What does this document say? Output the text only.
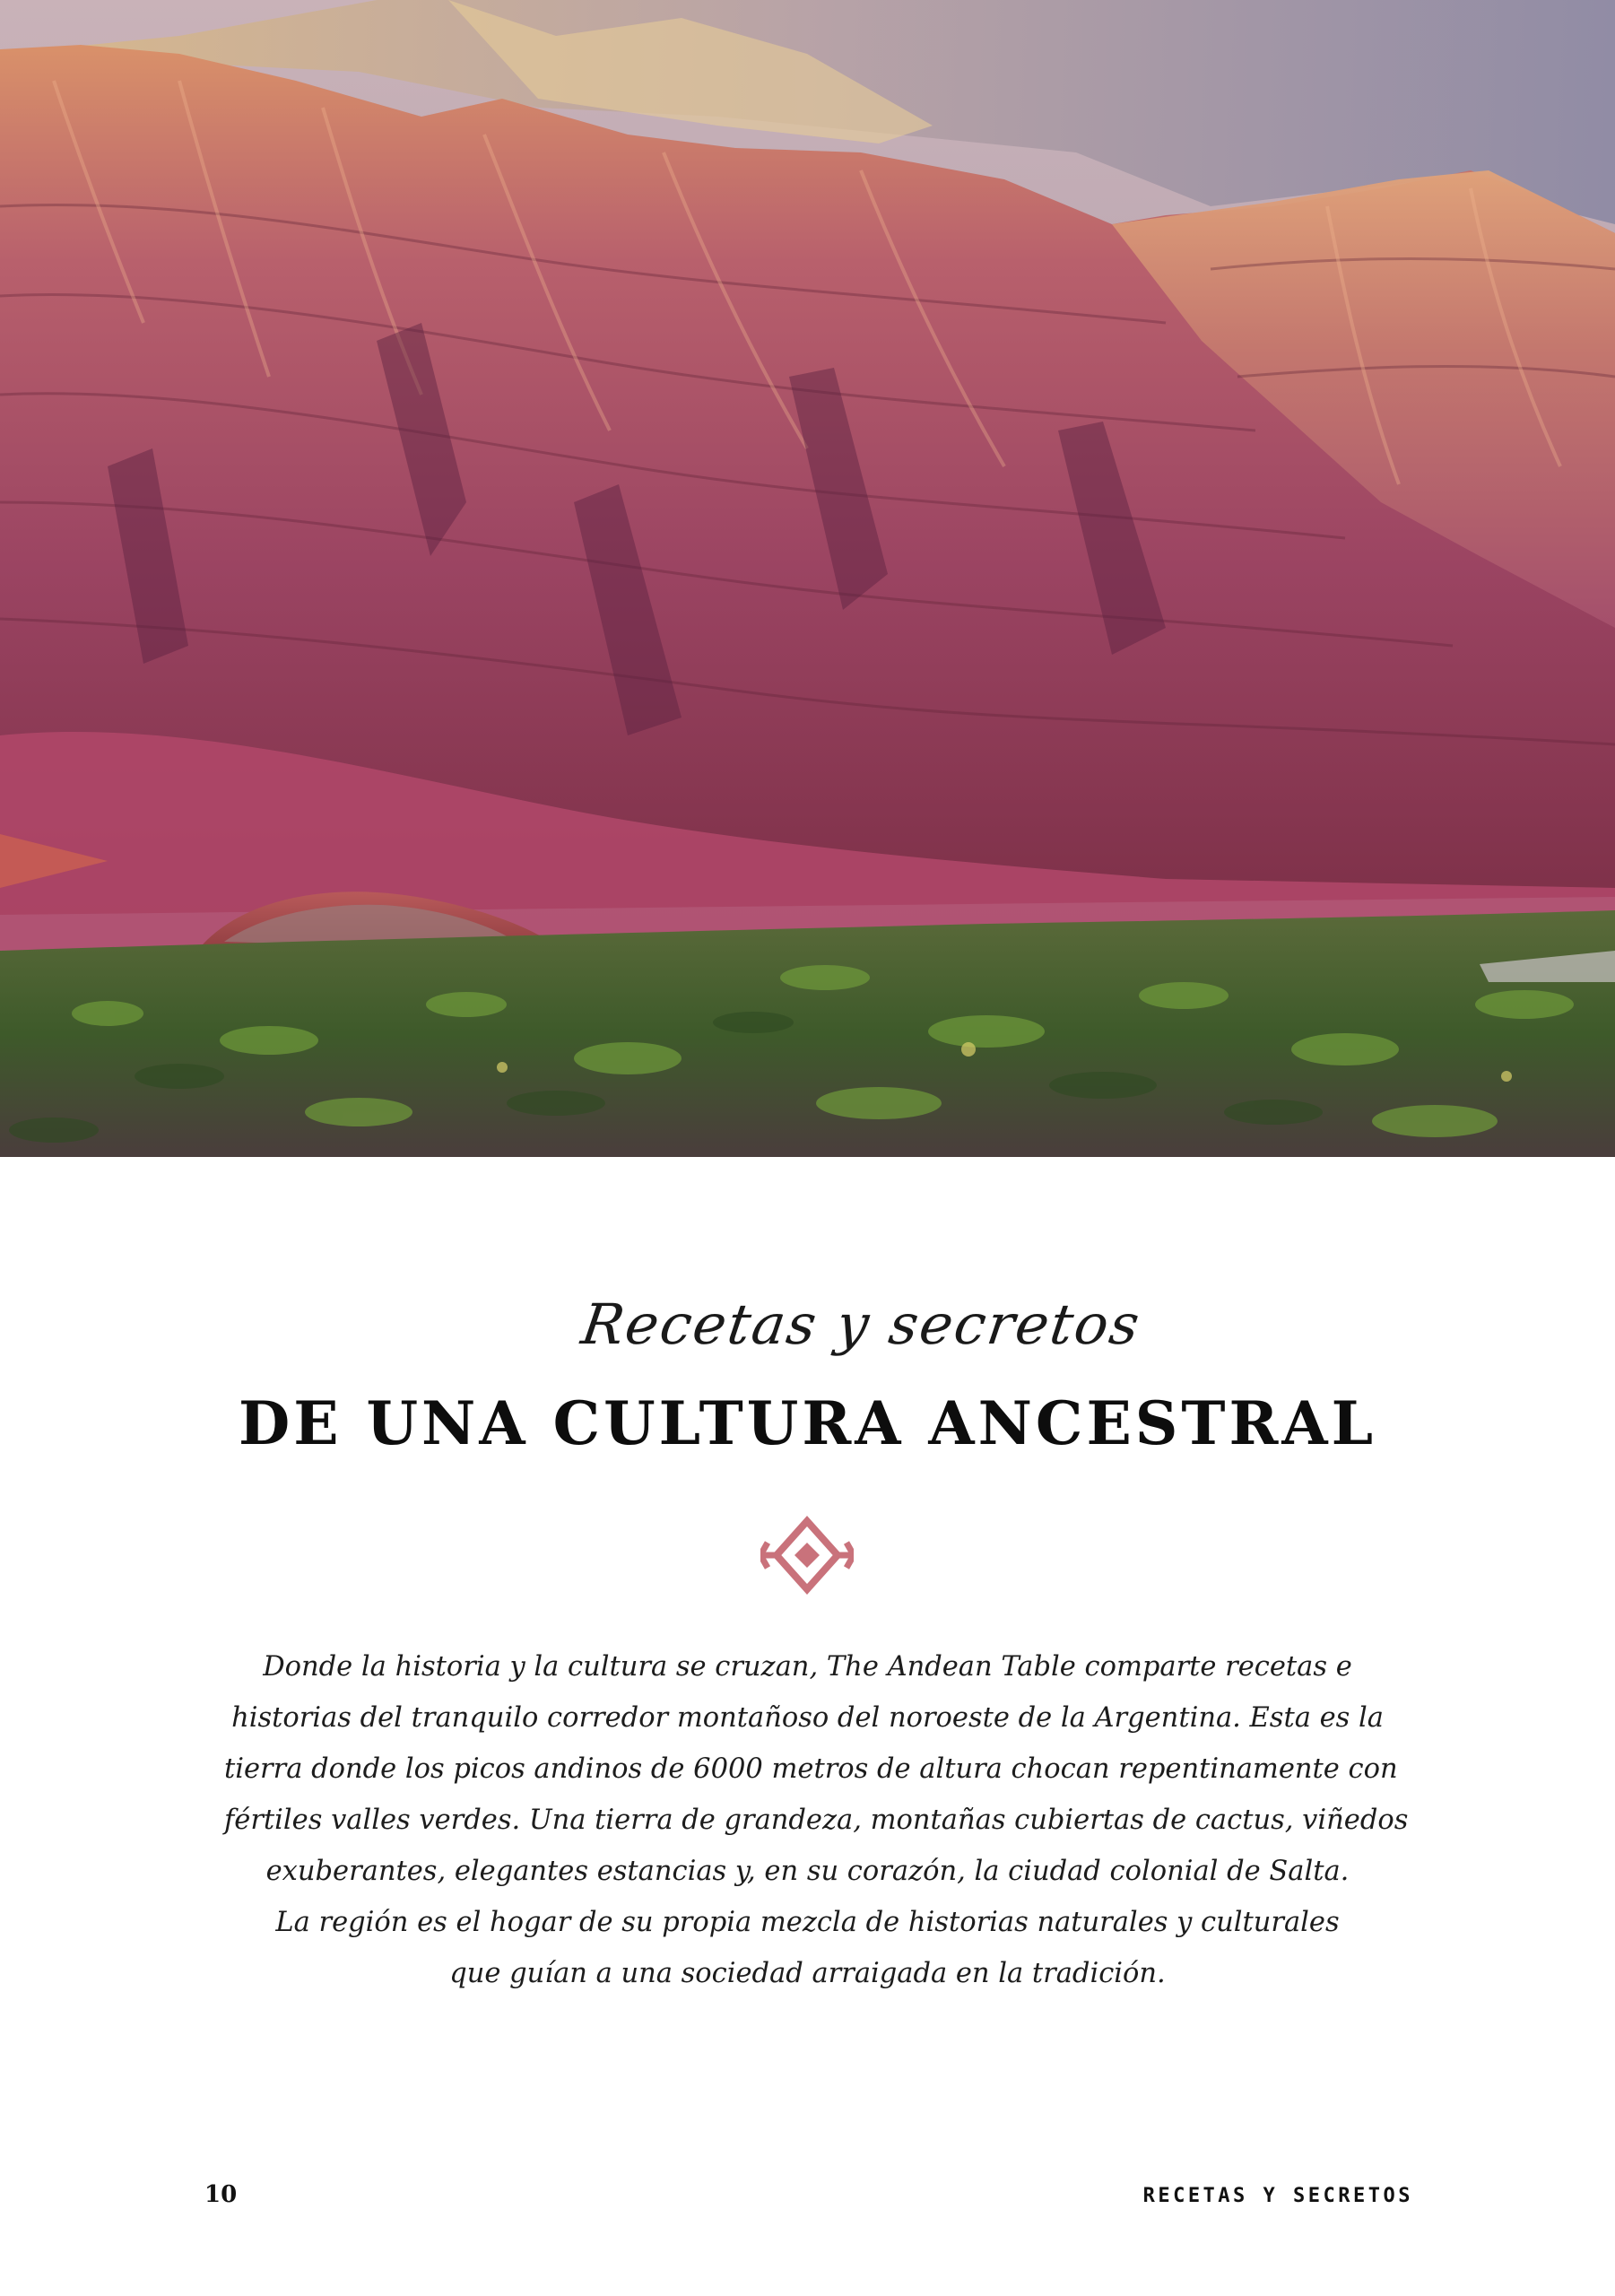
Recetas y secretos
DE UNA CULTURA ANCESTRAL

Donde la historia y la cultura se cruzan, The Andean Table comparte recetas e
historias del tranquilo corredor montañoso del noroeste de la Argentina. Esta es la
tierra donde los picos andinos de 6000 metros de altura chocan repentinamente con
fértiles valles verdes. Una tierra de grandeza, montañas cubiertas de cactus, viñedos
exuberantes, elegantes estancias y, en su corazón, la ciudad colonial de Salta.
La región es el hogar de su propia mezcla de historias naturales y culturales
que guían a una sociedad arraigada en la tradición.

10	RECETAS Y SECRETOS
